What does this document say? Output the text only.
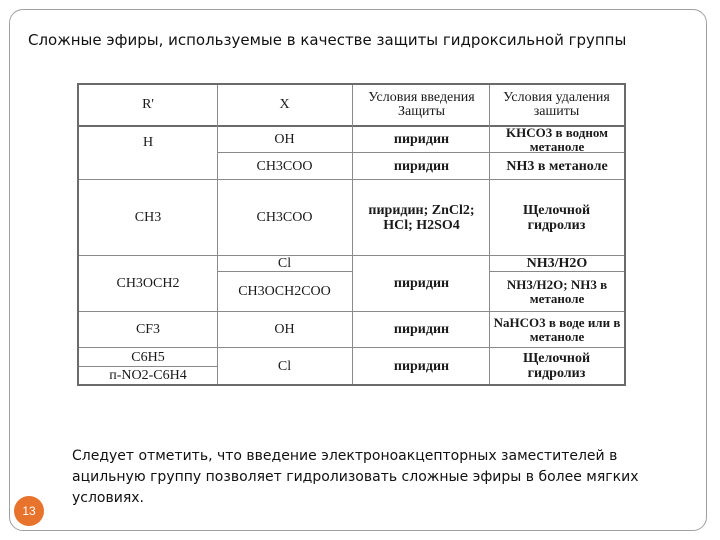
Сложные эфиры, используемые в качестве защиты гидроксильной группы
R'	X	Условия введения Защиты
Условия удаления зашиты
H
CH3
CH3OCH2
CF3
C6H5
п-NO2-C6H4
OH
CH3COO
CH3COO
Cl
CH3OCH2COO
OH
Cl
пиридин
пиридин
пиридин; ZnCl2; HCl; H2SO4
пиридин
пиридин
пиридин
KHCO3 в водном метаноле
NH3 в метаноле
Щелочной гидролиз
NH3/H2O
NH3/H2O; NH3 в метаноле
NaHCO3 в воде или в метаноле
Щелочной гидролиз

Следует отметить, что введение электроноакцепторных заместителей в ацильную группу позволяет гидролизовать сложные эфиры в более мягких условиях.

13
